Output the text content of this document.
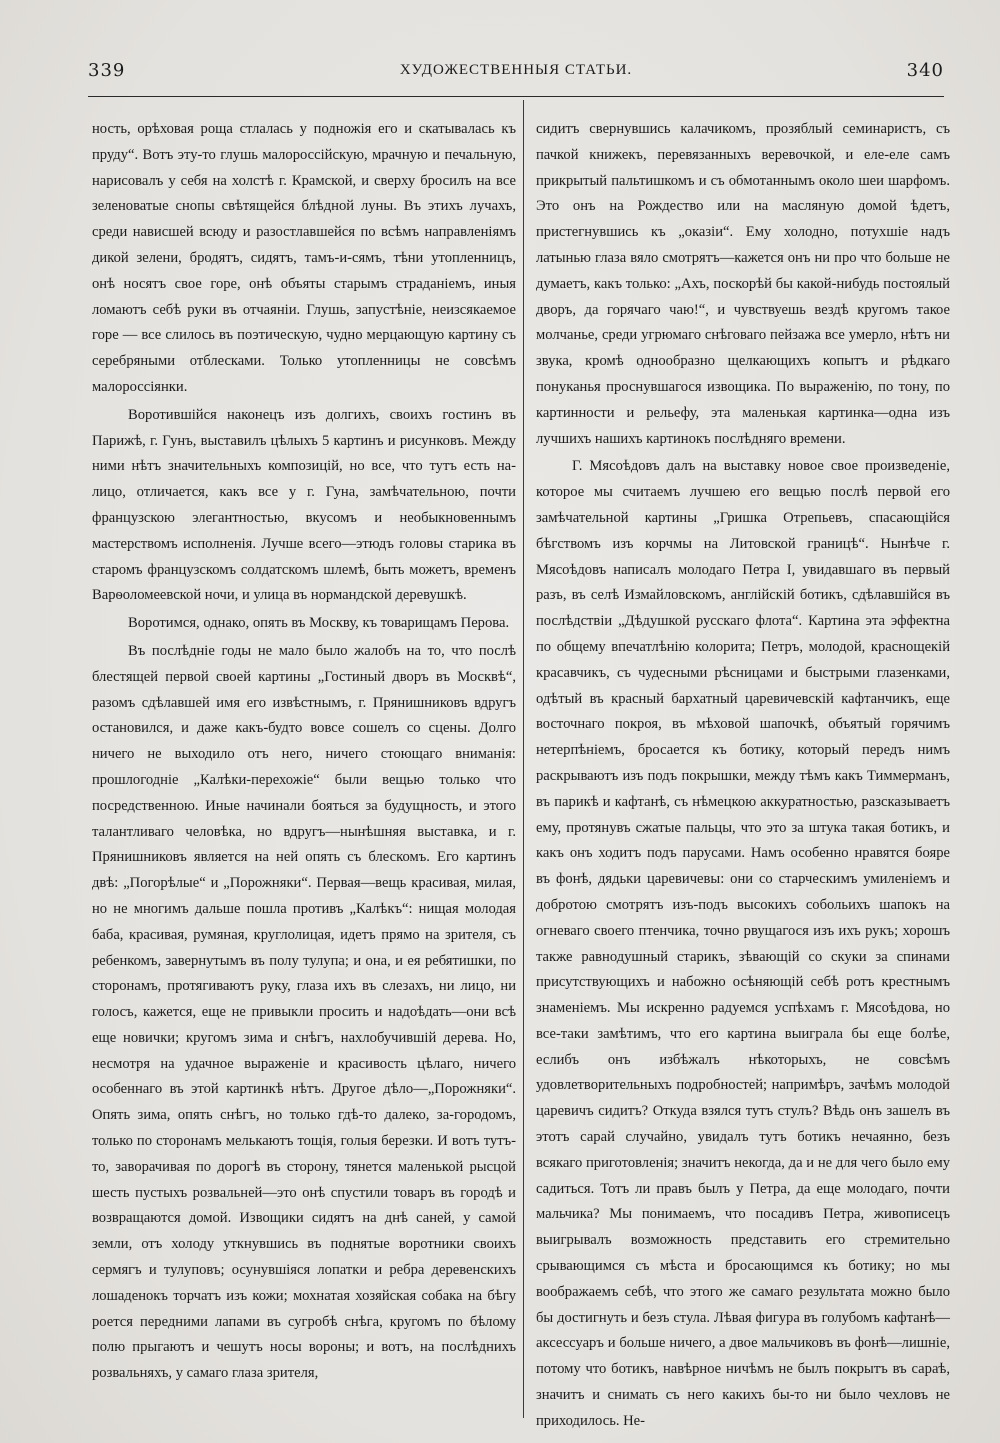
339	ХУДОЖЕСТВЕННЫЯ СТАТЬИ.	340

ность, орѣховая роща стлалась у подножія его и скатывалась къ пруду“. Вотъ эту-то глушь малороссійскую, мрачную и печальную, нарисовалъ у себя на холстѣ г. Крамской, и сверху бросилъ на все зеленоватые снопы свѣтящейся блѣдной луны. Въ этихъ лучахъ, среди нависшей всюду и разостлавшейся по всѣмъ направленіямъ дикой зелени, бродятъ, сидятъ, тамъ-и-сямъ, тѣни утопленницъ, онѣ носятъ свое горе, онѣ объяты старымъ страданіемъ, иныя ломаютъ себѣ руки въ отчаяніи. Глушь, запустѣніе, неизсякаемое горе — все слилось въ поэтическую, чудно мерцающую картину съ серебряными отблесками. Только утопленницы не совсѣмъ малороссіянки.

Воротившійся наконецъ изъ долгихъ, своихъ гостинъ въ Парижѣ, г. Гунъ, выставилъ цѣлыхъ 5 картинъ и рисунковъ. Между ними нѣтъ значительныхъ композицій, но все, что тутъ есть на-лицо, отличается, какъ все у г. Гуна, замѣчательною, почти французскою элегантностью, вкусомъ и необыкновеннымъ мастерствомъ исполненія. Лучше всего—этюдъ головы старика въ старомъ французскомъ солдатскомъ шлемѣ, быть можетъ, временъ Варѳоломеевской ночи, и улица въ нормандской деревушкѣ.

Воротимся, однако, опять въ Москву, къ товарищамъ Перова.

Въ послѣдніе годы не мало было жалобъ на то, что послѣ блестящей первой своей картины „Гостиный дворъ въ Москвѣ“, разомъ сдѣлавшей имя его извѣстнымъ, г. Прянишниковъ вдругъ остановился, и даже какъ-будто вовсе сошелъ со сцены. Долго ничего не выходило отъ него, ничего стоющаго вниманія: прошлогодніе „Калѣки-перехожіе“ были вещью только что посредственною. Иные начинали бояться за будущность, и этого талантливаго человѣка, но вдругъ—нынѣшняя выставка, и г. Прянишниковъ является на ней опять съ блескомъ. Его картинъ двѣ: „Погорѣлые“ и „Порожняки“. Первая—вещь красивая, милая, но не многимъ дальше пошла противъ „Калѣкъ“: нищая молодая баба, красивая, румяная, круглолицая, идетъ прямо на зрителя, съ ребенкомъ, завернутымъ въ полу тулупа; и она, и ея ребятишки, по сторонамъ, протягиваютъ руку, глаза ихъ въ слезахъ, ни лицо, ни голосъ, кажется, еще не привыкли просить и надоѣдать—они всѣ еще новички; кругомъ зима и снѣгъ, нахлобучившій дерева. Но, несмотря на удачное выраженіе и красивость цѣлаго, ничего особеннаго въ этой картинкѣ нѣтъ. Другое дѣло—„Порожняки“. Опять зима, опять снѣгъ, но только гдѣ-то далеко, за-городомъ, только по сторонамъ мелькаютъ тощія, голыя березки. И вотъ тутъ-то, заворачивая по дорогѣ въ сторону, тянется маленькой рысцой шесть пустыхъ розвальней—это онѣ спустили товаръ въ городѣ и возвращаются домой. Извощики сидятъ на днѣ саней, у самой земли, отъ холоду уткнувшись въ поднятые воротники своихъ сермягъ и тулуповъ; осунувшіяся лопатки и ребра деревенскихъ лошаденокъ торчатъ изъ кожи; мохнатая хозяйская собака на бѣгу роется передними лапами въ сугробѣ снѣга, кругомъ по бѣлому полю прыгаютъ и чешутъ носы вороны; и вотъ, на послѣднихъ розвальняхъ, у самаго глаза зрителя,

сидитъ свернувшись калачикомъ, прозяблый семинаристъ, съ пачкой книжекъ, перевязанныхъ веревочкой, и еле-еле самъ прикрытый пальтишкомъ и съ обмотаннымъ около шеи шарфомъ. Это онъ на Рождество или на масляную домой ѣдетъ, пристегнувшись къ „оказіи“. Ему холодно, потухшіе надъ латынью глаза вяло смотрятъ—кажется онъ ни про что больше не думаетъ, какъ только: „Ахъ, поскорѣй бы какой-нибудь постоялый дворъ, да горячаго чаю!“, и чувствуешь вездѣ кругомъ такое молчанье, среди угрюмаго снѣговаго пейзажа все умерло, нѣтъ ни звука, кромѣ однообразно щелкающихъ копытъ и рѣдкаго понуканья проснувшагося извощика. По выраженію, по тону, по картинности и рельефу, эта маленькая картинка—одна изъ лучшихъ нашихъ картинокъ послѣдняго времени.

Г. Мясоѣдовъ далъ на выставку новое свое произведеніе, которое мы считаемъ лучшею его вещью послѣ первой его замѣчательной картины „Гришка Отрепьевъ, спасающійся бѣгствомъ изъ корчмы на Литовской границѣ“. Нынѣче г. Мясоѣдовъ написалъ молодаго Петра I, увидавшаго въ первый разъ, въ селѣ Измайловскомъ, англійскій ботикъ, сдѣлавшійся въ послѣдствіи „Дѣдушкой русскаго флота“. Картина эта эффектна по общему впечатлѣнію колорита; Петръ, молодой, краснощекій красавчикъ, съ чудесными рѣсницами и быстрыми глазенками, одѣтый въ красный бархатный царевичевскій кафтанчикъ, еще восточнаго покроя, въ мѣховой шапочкѣ, объятый горячимъ нетерпѣніемъ, бросается къ ботику, который передъ нимъ раскрываютъ изъ подъ покрышки, между тѣмъ какъ Тиммерманъ, въ парикѣ и кафтанѣ, съ нѣмецкою аккуратностью, разсказываетъ ему, протянувъ сжатые пальцы, что это за штука такая ботикъ, и какъ онъ ходитъ подъ парусами. Намъ особенно нравятся бояре въ фонѣ, дядьки царевичевы: они со старческимъ умиленіемъ и добротою смотрятъ изъ-подъ высокихъ собольихъ шапокъ на огневаго своего птенчика, точно рвущагося изъ ихъ рукъ; хорошъ также равнодушный старикъ, зѣвающій со скуки за спинами присутствующихъ и набожно осѣняющій себѣ ротъ крестнымъ знаменіемъ. Мы искренно радуемся успѣхамъ г. Мясоѣдова, но все-таки замѣтимъ, что его картина выиграла бы еще болѣе, еслибъ онъ избѣжалъ нѣкоторыхъ, не совсѣмъ удовлетворительныхъ подробностей; напримѣръ, зачѣмъ молодой царевичъ сидитъ? Откуда взялся тутъ стулъ? Вѣдь онъ зашелъ въ этотъ сарай случайно, увидалъ тутъ ботикъ нечаянно, безъ всякаго приготовленія; значитъ некогда, да и не для чего было ему садиться. Тотъ ли правъ былъ у Петра, да еще молодаго, почти мальчика? Мы понимаемъ, что посадивъ Петра, живописецъ выигрывалъ возможность представить его стремительно срывающимся съ мѣста и бросающимся къ ботику; но мы воображаемъ себѣ, что этого же самаго результата можно было бы достигнуть и безъ стула. Лѣвая фигура въ голубомъ кафтанѣ—аксессуаръ и больше ничего, а двое мальчиковъ въ фонѣ—лишніе, потому что ботикъ, навѣрное ничѣмъ не былъ покрытъ въ сараѣ, значитъ и снимать съ него какихъ бы-то ни было чехловъ не приходилось. Не-
